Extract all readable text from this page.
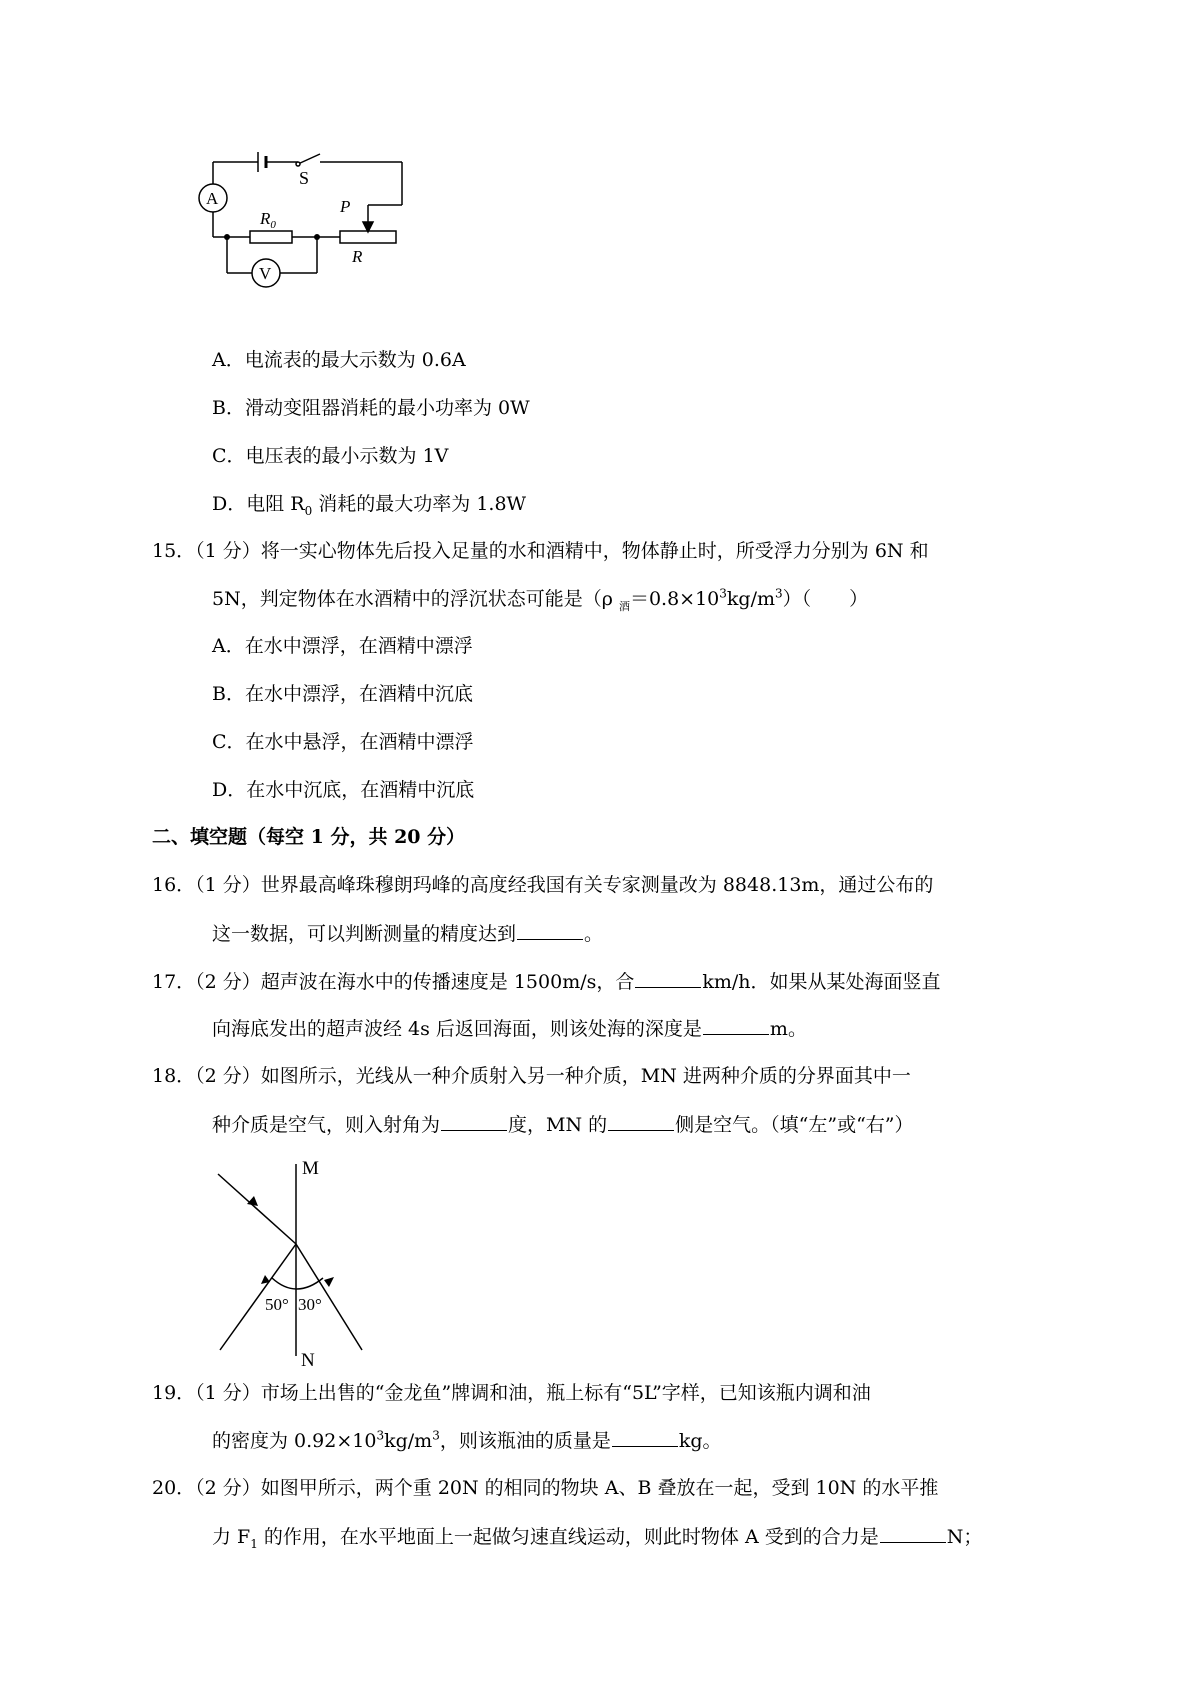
S
A
V
$R_0$
P
R
A．电流表的最大示数为 0.6A
B．滑动变阻器消耗的最小功率为 0W
C．电压表的最小示数为 1V
D．电阻 $R_0$ 消耗的最大功率为 1.8W
15．（1 分）将一实心物体先后投入足量的水和酒精中，物体静止时，所受浮力分别为 6N 和
5N，判定物体在水酒精中的浮沉状态可能是（ρ $_酒=0.8\times 10^3kg/m^3$）（　　）
A．在水中漂浮，在酒精中漂浮
B．在水中漂浮，在酒精中沉底
C．在水中悬浮，在酒精中漂浮
D．在水中沉底，在酒精中沉底
二、填空题（每空 1 分，共 20 分）
16．（1 分）世界最高峰珠穆朗玛峰的高度经我国有关专家测量改为 8848.13m，通过公布的
这一数据，可以判断测量的精度达到	。
17．（2 分）超声波在海水中的传播速度是 1500m/s，合	km/h．如果从某处海面竖直
向海底发出的超声波经 4s 后返回海面，则该处海的深度是	m。
18．（2 分）如图所示，光线从一种介质射入另一种介质，MN 进两种介质的分界面其中一
种介质是空气，则入射角为	度，MN 的	侧是空气。（填“左”或“右”）
M
N
50° 30°
19．（1 分）市场上出售的“金龙鱼”牌调和油，瓶上标有“5L”字样，已知该瓶内调和油
的密度为 $0.92\times 10^3kg/m^3$，则该瓶油的质量是	kg。
20．（2 分）如图甲所示，两个重 20N 的相同的物块 A、B 叠放在一起，受到 10N 的水平推
力 $F_1$ 的作用，在水平地面上一起做匀速直线运动，则此时物体 A 受到的合力是	N；
